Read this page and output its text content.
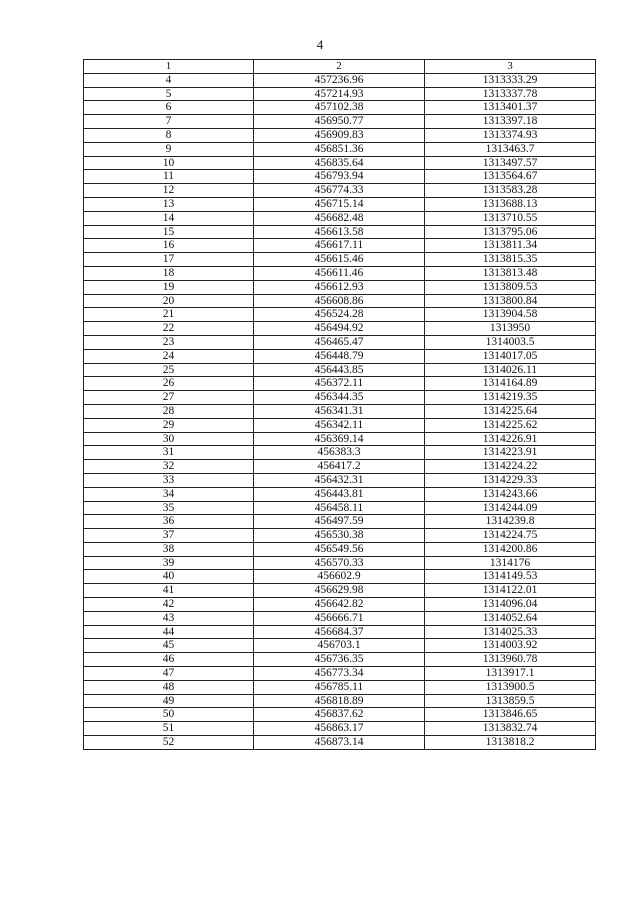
4
1	2	3
4	457236.96	1313333.29
5	457214.93	1313337.78
6	457102.38	1313401.37
7	456950.77	1313397.18
8	456909.83	1313374.93
9	456851.36	1313463.7
10	456835.64	1313497.57
11	456793.94	1313564.67
12	456774.33	1313583.28
13	456715.14	1313688.13
14	456682.48	1313710.55
15	456613.58	1313795.06
16	456617.11	1313811.34
17	456615.46	1313815.35
18	456611.46	1313813.48
19	456612.93	1313809.53
20	456608.86	1313800.84
21	456524.28	1313904.58
22	456494.92	1313950
23	456465.47	1314003.5
24	456448.79	1314017.05
25	456443.85	1314026.11
26	456372.11	1314164.89
27	456344.35	1314219.35
28	456341.31	1314225.64
29	456342.11	1314225.62
30	456369.14	1314226.91
31	456383.3	1314223.91
32	456417.2	1314224.22
33	456432.31	1314229.33
34	456443.81	1314243.66
35	456458.11	1314244.09
36	456497.59	1314239.8
37	456530.38	1314224.75
38	456549.56	1314200.86
39	456570.33	1314176
40	456602.9	1314149.53
41	456629.98	1314122.01
42	456642.82	1314096.04
43	456666.71	1314052.64
44	456684.37	1314025.33
45	456703.1	1314003.92
46	456736.35	1313960.78
47	456773.34	1313917.1
48	456785.11	1313900.5
49	456818.89	1313859.5
50	456837.62	1313846.65
51	456863.17	1313832.74
52	456873.14	1313818.2
